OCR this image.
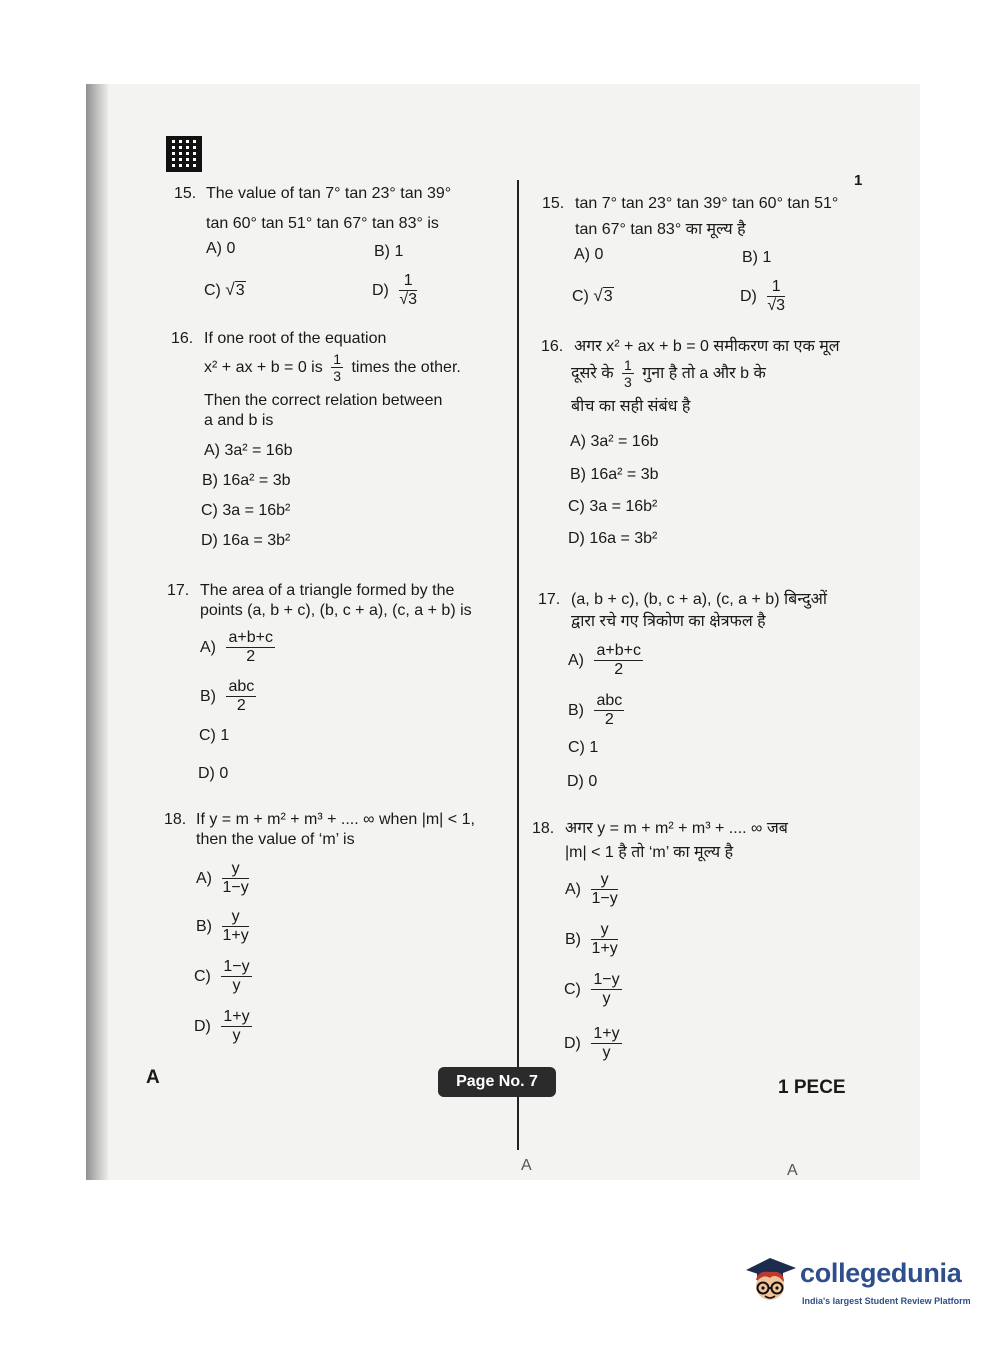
1
15. The value of tan 7° tan 23° tan 39°
tan 60° tan 51° tan 67° tan 83° is
A) 0	B) 1
C) √3	$D) \frac{1}{√3}$
16. If one root of the equation
x² + ax + b = 0 is $\frac{1}{3}$ times the other.
Then the correct relation between
a and b is
A) 3a² = 16b
B) 16a² = 3b
C) 3a = 16b²
D) 16a = 3b²
17. The area of a triangle formed by the
points (a, b + c), (b, c + a), (c, a + b) is
$A) \frac{a+b+c}{2}$
$B) \frac{\text{abc}}{2}$
C) 1
D) 0
18. If y = m + m² + m³ + .... ∞ when |m| < 1,
then the value of ‘m’ is
$A) \frac{y}{1-y}$
$B) \frac{y}{1+y}$
$C) \frac{1-y}{y}$
$D) \frac{1+y}{y}$
15. tan 7° tan 23° tan 39° tan 60° tan 51°
tan 67° tan 83° का मूल्य है
A) 0	B) 1
C) √3	$D) \frac{1}{√3}$
16. अगर x² + ax + b = 0 समीकरण का एक मूल
दूसरे के $\frac{1}{3}$ गुना है तो a और b के
बीच का सही संबंध है
A) 3a² = 16b
B) 16a² = 3b
C) 3a = 16b²
D) 16a = 3b²
17. (a, b + c), (b, c + a), (c, a + b) बिन्दुओं
द्वारा रचे गए त्रिकोण का क्षेत्रफल है
$A) \frac{a+b+c}{2}$
$B) \frac{\text{abc}}{2}$
C) 1
D) 0
18. अगर y = m + m² + m³ + .... ∞ जब
|m| < 1 है तो ‘m’ का मूल्य है
$A) \frac{y}{1-y}$
$B) \frac{y}{1+y}$
$C) \frac{1-y}{y}$
$D) \frac{1+y}{y}$
A	Page No. 7	1 PECE
A	A
collegedunia
India's largest Student Review Platform
